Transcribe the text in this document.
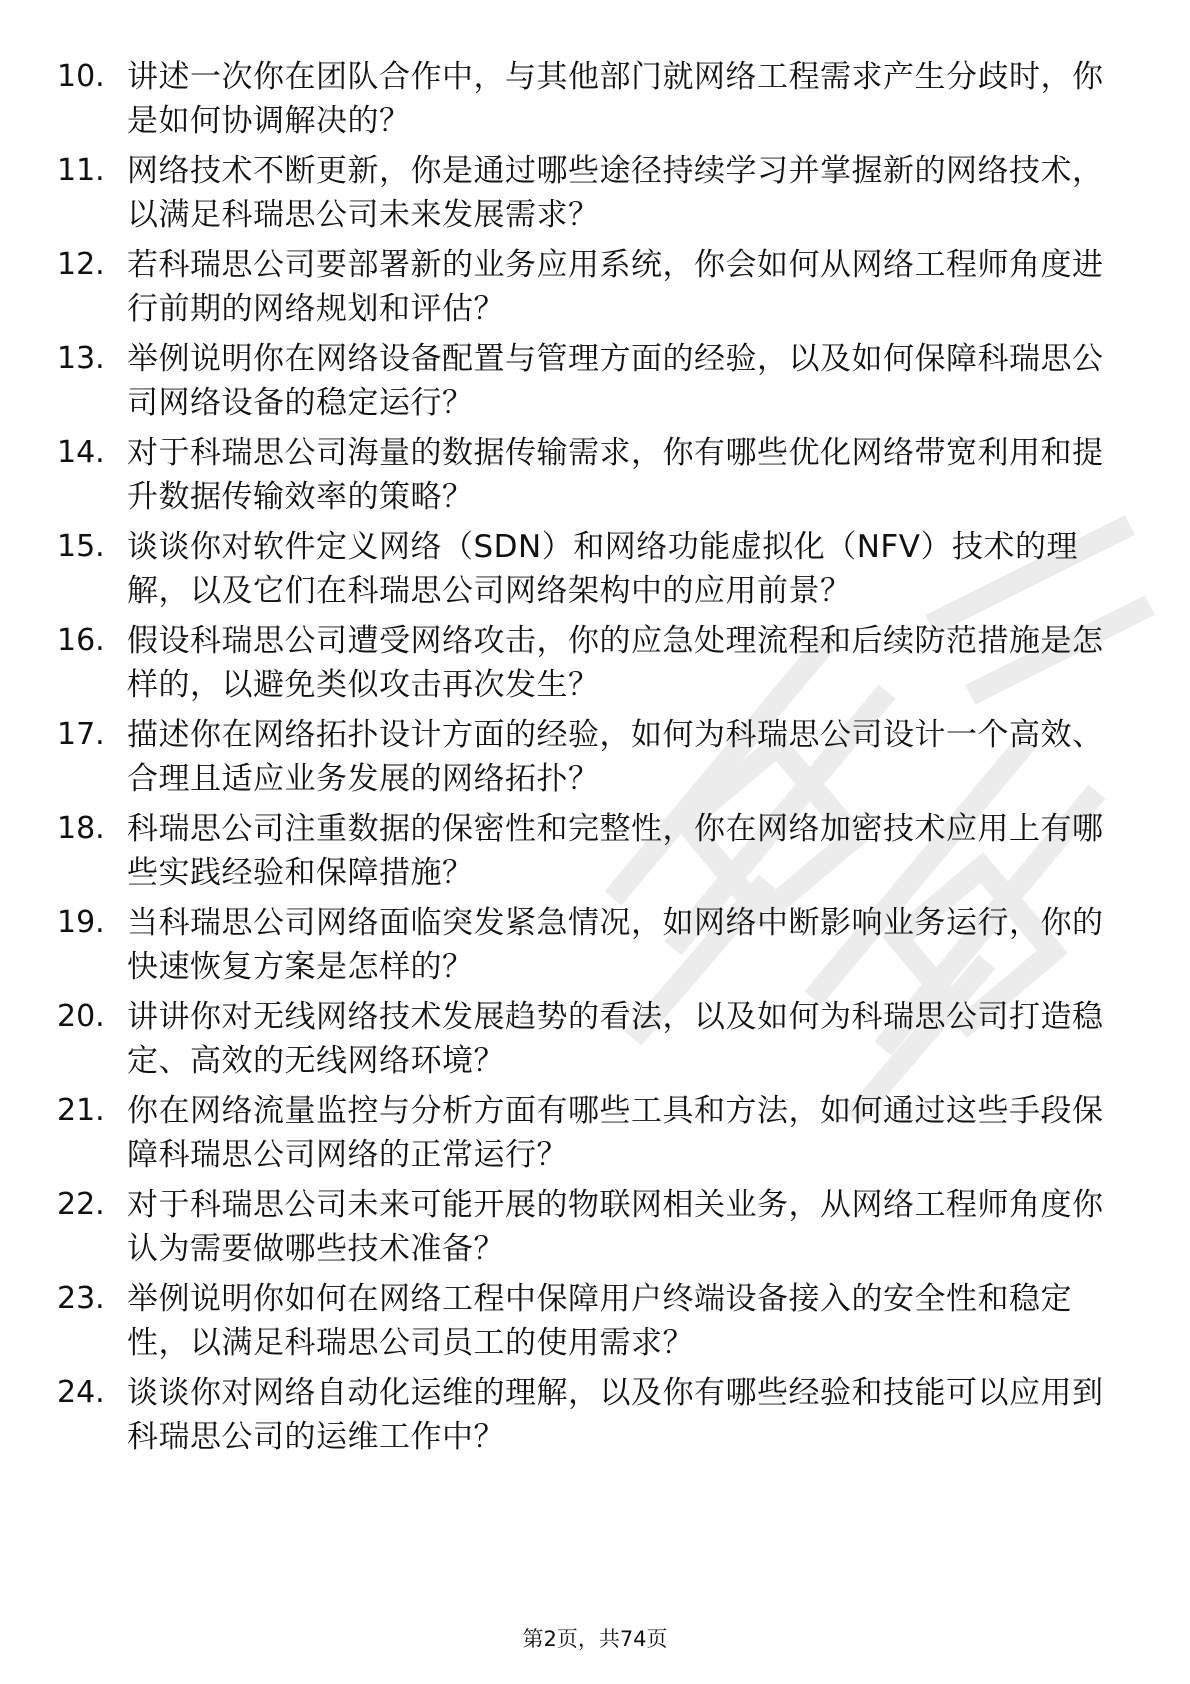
10. 讲述一次你在团队合作中，与其他部门就网络工程需求产生分歧时，你是如何协调解决的？
11. 网络技术不断更新，你是通过哪些途径持续学习并掌握新的网络技术，以满足科瑞思公司未来发展需求？
12. 若科瑞思公司要部署新的业务应用系统，你会如何从网络工程师角度进行前期的网络规划和评估？
13. 举例说明你在网络设备配置与管理方面的经验，以及如何保障科瑞思公司网络设备的稳定运行？
14. 对于科瑞思公司海量的数据传输需求，你有哪些优化网络带宽利用和提升数据传输效率的策略？
15. 谈谈你对软件定义网络（SDN）和网络功能虚拟化（NFV）技术的理解，以及它们在科瑞思公司网络架构中的应用前景？
16. 假设科瑞思公司遭受网络攻击，你的应急处理流程和后续防范措施是怎样的，以避免类似攻击再次发生？
17. 描述你在网络拓扑设计方面的经验，如何为科瑞思公司设计一个高效、合理且适应业务发展的网络拓扑？
18. 科瑞思公司注重数据的保密性和完整性，你在网络加密技术应用上有哪些实践经验和保障措施？
19. 当科瑞思公司网络面临突发紧急情况，如网络中断影响业务运行，你的快速恢复方案是怎样的？
20. 讲讲你对无线网络技术发展趋势的看法，以及如何为科瑞思公司打造稳定、高效的无线网络环境？
21. 你在网络流量监控与分析方面有哪些工具和方法，如何通过这些手段保障科瑞思公司网络的正常运行？
22. 对于科瑞思公司未来可能开展的物联网相关业务，从网络工程师角度你认为需要做哪些技术准备？
23. 举例说明你如何在网络工程中保障用户终端设备接入的安全性和稳定性，以满足科瑞思公司员工的使用需求？
24. 谈谈你对网络自动化运维的理解，以及你有哪些经验和技能可以应用到科瑞思公司的运维工作中？
第2页，共74页
